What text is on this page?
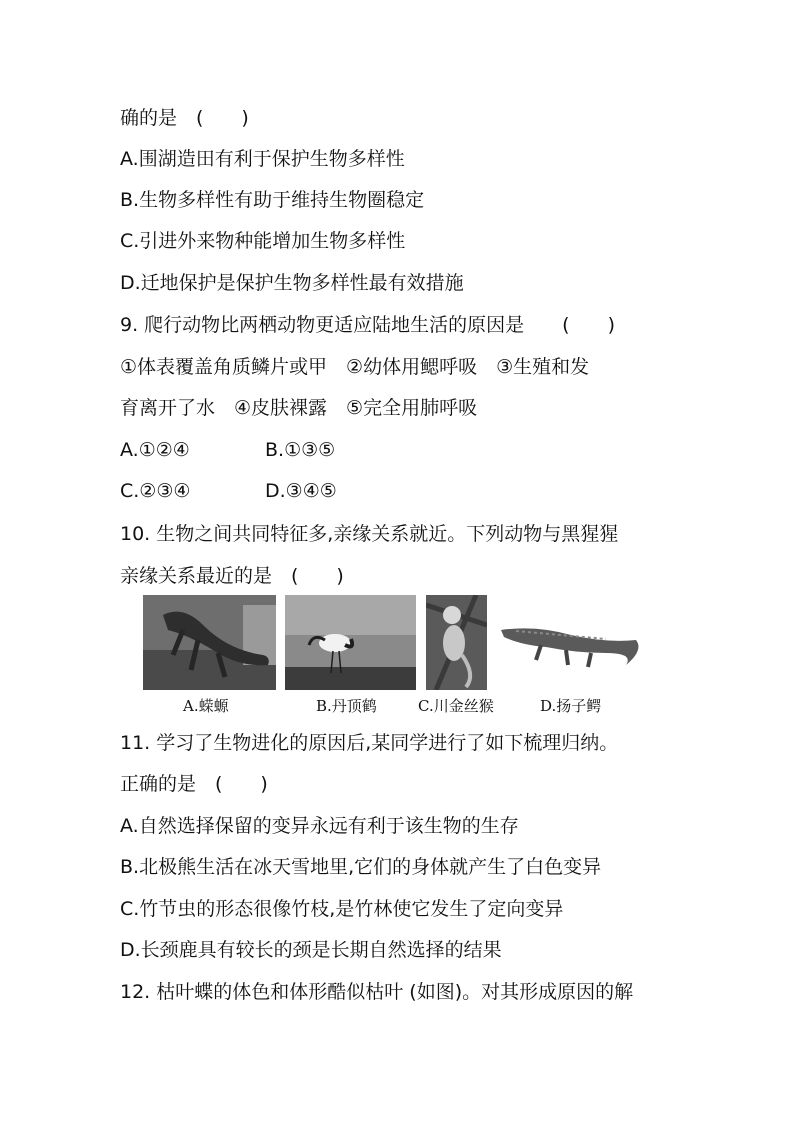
确的是　(　　)
A.围湖造田有利于保护生物多样性
B.生物多样性有助于维持生物圈稳定
C.引进外来物种能增加生物多样性
D.迁地保护是保护生物多样性最有效措施
9. 爬行动物比两栖动物更适应陆地生活的原因是　　(　　)
①体表覆盖角质鳞片或甲　②幼体用鳃呼吸　③生殖和发
育离开了水　④皮肤裸露　⑤完全用肺呼吸
A.①②④	B.①③⑤
C.②③④	D.③④⑤
10. 生物之间共同特征多,亲缘关系就近。下列动物与黑猩猩
亲缘关系最近的是　(　　)
A.蝾螈	B.丹顶鹤	C.川金丝猴	D.扬子鳄
11. 学习了生物进化的原因后,某同学进行了如下梳理归纳。
正确的是　(　　)
A.自然选择保留的变异永远有利于该生物的生存
B.北极熊生活在冰天雪地里,它们的身体就产生了白色变异
C.竹节虫的形态很像竹枝,是竹林使它发生了定向变异
D.长颈鹿具有较长的颈是长期自然选择的结果
12. 枯叶蝶的体色和体形酷似枯叶 (如图)。对其形成原因的解
